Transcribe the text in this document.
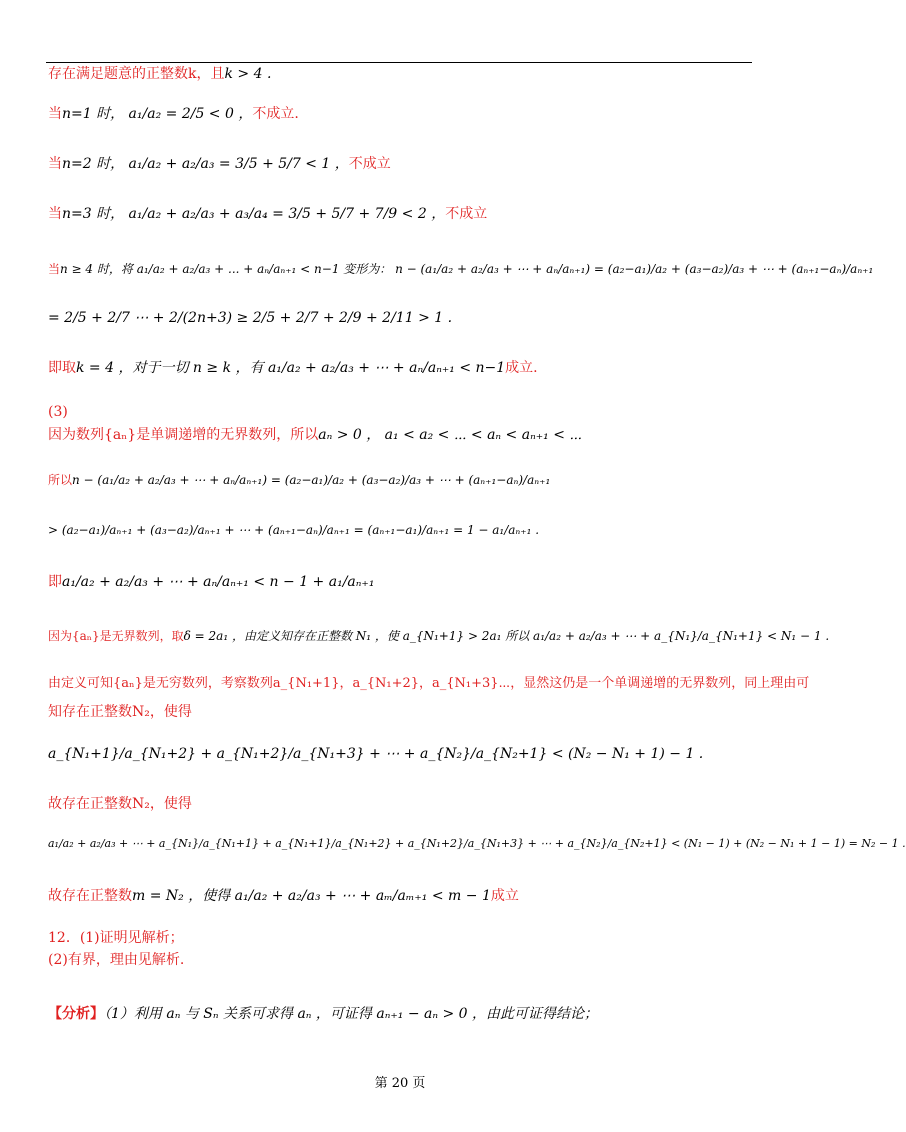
存在满足题意的正整数k，且k > 4 .
当n=1 时， a₁/a₂ = 2/5 < 0 ，不成立.
当n=2 时， a₁/a₂ + a₂/a₃ = 3/5 + 5/7 < 1 ，不成立
当n=3 时， a₁/a₂ + a₂/a₃ + a₃/a₄ = 3/5 + 5/7 + 7/9 < 2 ，不成立
当n ≥ 4 时，将 a₁/a₂ + a₂/a₃ + ... + aₙ/aₙ₊₁ < n−1 变形为： n − (a₁/a₂ + a₂/a₃ + ⋯ + aₙ/aₙ₊₁) = (a₂−a₁)/a₂ + (a₃−a₂)/a₃ + ⋯ + (aₙ₊₁−aₙ)/aₙ₊₁
= 2/5 + 2/7 ⋯ + 2/(2n+3) ≥ 2/5 + 2/7 + 2/9 + 2/11 > 1 .
即取k = 4 ，对于一切 n ≥ k ，有 a₁/a₂ + a₂/a₃ + ⋯ + aₙ/aₙ₊₁ < n−1成立.
(3)
因为数列{aₙ}是单调递增的无界数列，所以aₙ > 0 ， a₁ < a₂ < ⋯ < aₙ < aₙ₊₁ < ⋯
所以n − (a₁/a₂ + a₂/a₃ + ⋯ + aₙ/aₙ₊₁) = (a₂−a₁)/a₂ + (a₃−a₂)/a₃ + ⋯ + (aₙ₊₁−aₙ)/aₙ₊₁
> (a₂−a₁)/aₙ₊₁ + (a₃−a₂)/aₙ₊₁ + ⋯ + (aₙ₊₁−aₙ)/aₙ₊₁ = (aₙ₊₁−a₁)/aₙ₊₁ = 1 − a₁/aₙ₊₁ .
即a₁/a₂ + a₂/a₃ + ⋯ + aₙ/aₙ₊₁ < n − 1 + a₁/aₙ₊₁
因为{aₙ}是无界数列，取δ = 2a₁ ，由定义知存在正整数 N₁ ，使 a_{N₁+1} > 2a₁ 所以 a₁/a₂ + a₂/a₃ + ⋯ + a_{N₁}/a_{N₁+1} < N₁ − 1 .
由定义可知{aₙ}是无穷数列，考察数列a_{N₁+1}，a_{N₁+2}，a_{N₁+3}⋯，显然这仍是一个单调递增的无界数列，同上理由可
知存在正整数N₂，使得
a_{N₁+1}/a_{N₁+2} + a_{N₁+2}/a_{N₁+3} + ⋯ + a_{N₂}/a_{N₂+1} < (N₂ − N₁ + 1) − 1 .
故存在正整数N₂，使得
a₁/a₂ + a₂/a₃ + ⋯ + a_{N₁}/a_{N₁+1} + a_{N₁+1}/a_{N₁+2} + a_{N₁+2}/a_{N₁+3} + ⋯ + a_{N₂}/a_{N₂+1} < (N₁ − 1) + (N₂ − N₁ + 1 − 1) = N₂ − 1 .
故存在正整数m = N₂ ，使得 a₁/a₂ + a₂/a₃ + ⋯ + aₘ/aₘ₊₁ < m − 1成立
12．(1)证明见解析；
(2)有界，理由见解析.
【分析】（1）利用 aₙ 与 Sₙ 关系可求得 aₙ ，可证得 aₙ₊₁ − aₙ > 0 ，由此可证得结论；
第 20 页
